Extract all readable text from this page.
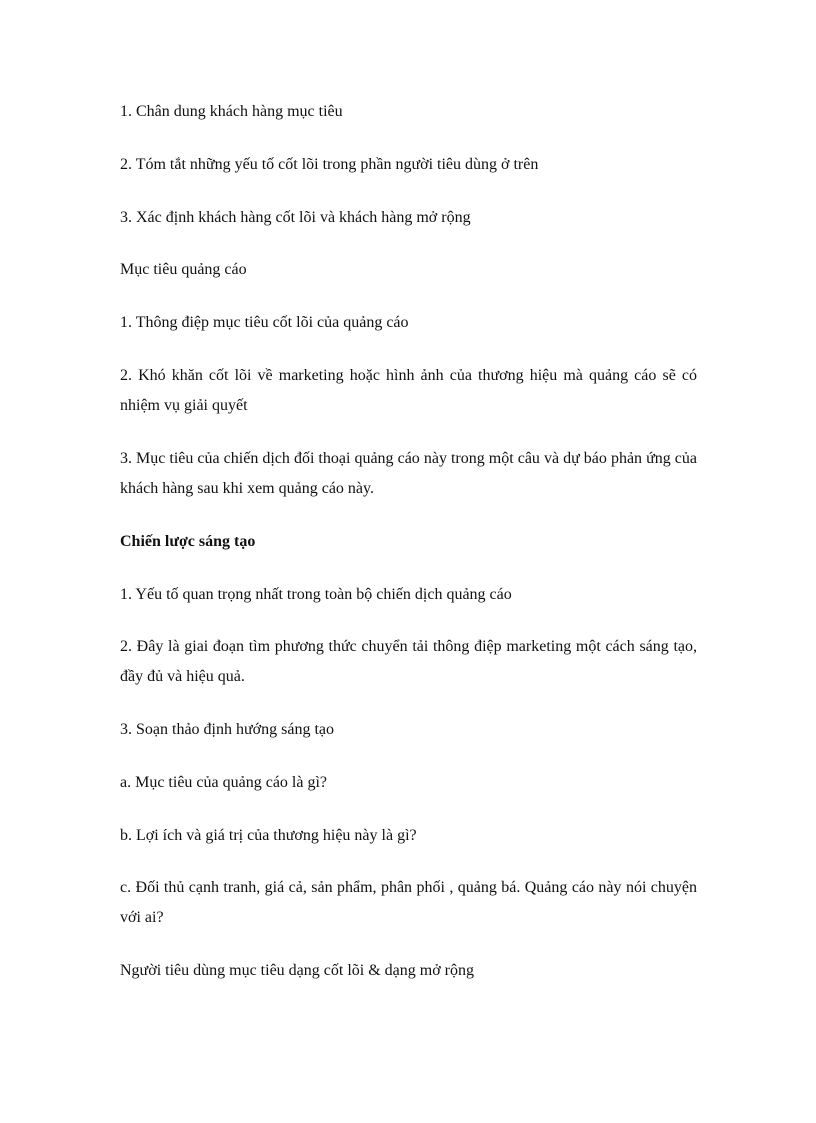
1. Chân dung khách hàng mục tiêu
2. Tóm tắt những yếu tố cốt lõi trong phần người tiêu dùng ở trên
3. Xác định khách hàng cốt lõi và khách hàng mở rộng
Mục tiêu quảng cáo
1. Thông điệp mục tiêu cốt lõi của quảng cáo
2. Khó khăn cốt lõi về marketing hoặc hình ảnh của thương hiệu mà quảng cáo sẽ có nhiệm vụ giải quyết
3. Mục tiêu của chiến dịch đối thoại quảng cáo này trong một câu và dự báo phản ứng của khách hàng sau khi xem quảng cáo này.
Chiến lược sáng tạo
1. Yếu tố quan trọng nhất trong toàn bộ chiến dịch quảng cáo
2. Đây là giai đoạn tìm phương thức chuyển tải thông điệp marketing một cách sáng tạo, đầy đủ và hiệu quả.
3. Soạn thảo định hướng sáng tạo
a. Mục tiêu của quảng cáo là gì?
b. Lợi ích và giá trị của thương hiệu này là gì?
c. Đối thủ cạnh tranh, giá cả, sản phẩm, phân phối , quảng bá. Quảng cáo này nói chuyện với ai?
Người tiêu dùng mục tiêu dạng cốt lõi & dạng mở rộng
